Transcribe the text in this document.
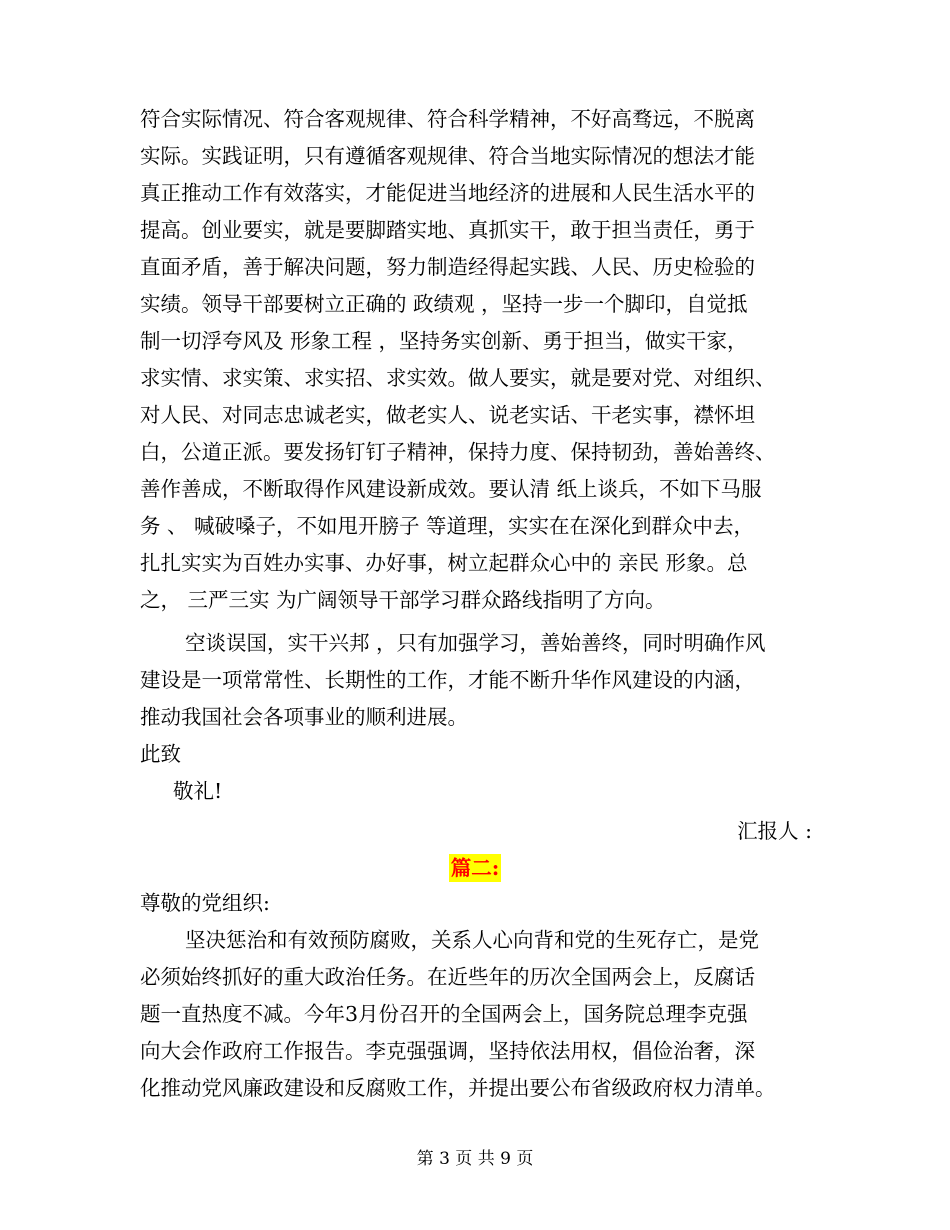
符合实际情况、符合客观规律、符合科学精神，不好高骛远，不脱离
实际。实践证明，只有遵循客观规律、符合当地实际情况的想法才能
真正推动工作有效落实，才能促进当地经济的进展和人民生活水平的
提高。创业要实，就是要脚踏实地、真抓实干，敢于担当责任，勇于
直面矛盾，善于解决问题，努力制造经得起实践、人民、历史检验的
实绩。领导干部要树立正确的 政绩观 ，坚持一步一个脚印，自觉抵
制一切浮夸风及 形象工程 ，坚持务实创新、勇于担当，做实干家，
求实情、求实策、求实招、求实效。做人要实，就是要对党、对组织、
对人民、对同志忠诚老实，做老实人、说老实话、干老实事，襟怀坦
白，公道正派。要发扬钉钉子精神，保持力度、保持韧劲，善始善终、
善作善成，不断取得作风建设新成效。要认清 纸上谈兵，不如下马服
务 、 喊破嗓子，不如甩开膀子 等道理，实实在在深化到群众中去，
扎扎实实为百姓办实事、办好事，树立起群众心中的 亲民 形象。总
之， 三严三实 为广阔领导干部学习群众路线指明了方向。
空谈误国，实干兴邦 ，只有加强学习，善始善终，同时明确作风
建设是一项常常性、长期性的工作，才能不断升华作风建设的内涵，
推动我国社会各项事业的顺利进展。
此致
敬礼!
汇报人 :
篇二:
尊敬的党组织:
坚决惩治和有效预防腐败，关系人心向背和党的生死存亡，是党
必须始终抓好的重大政治任务。在近些年的历次全国两会上，反腐话
题一直热度不减。今年3月份召开的全国两会上，国务院总理李克强
向大会作政府工作报告。李克强强调，坚持依法用权，倡俭治奢，深
化推动党风廉政建设和反腐败工作，并提出要公布省级政府权力清单。
第 3 页 共 9 页
